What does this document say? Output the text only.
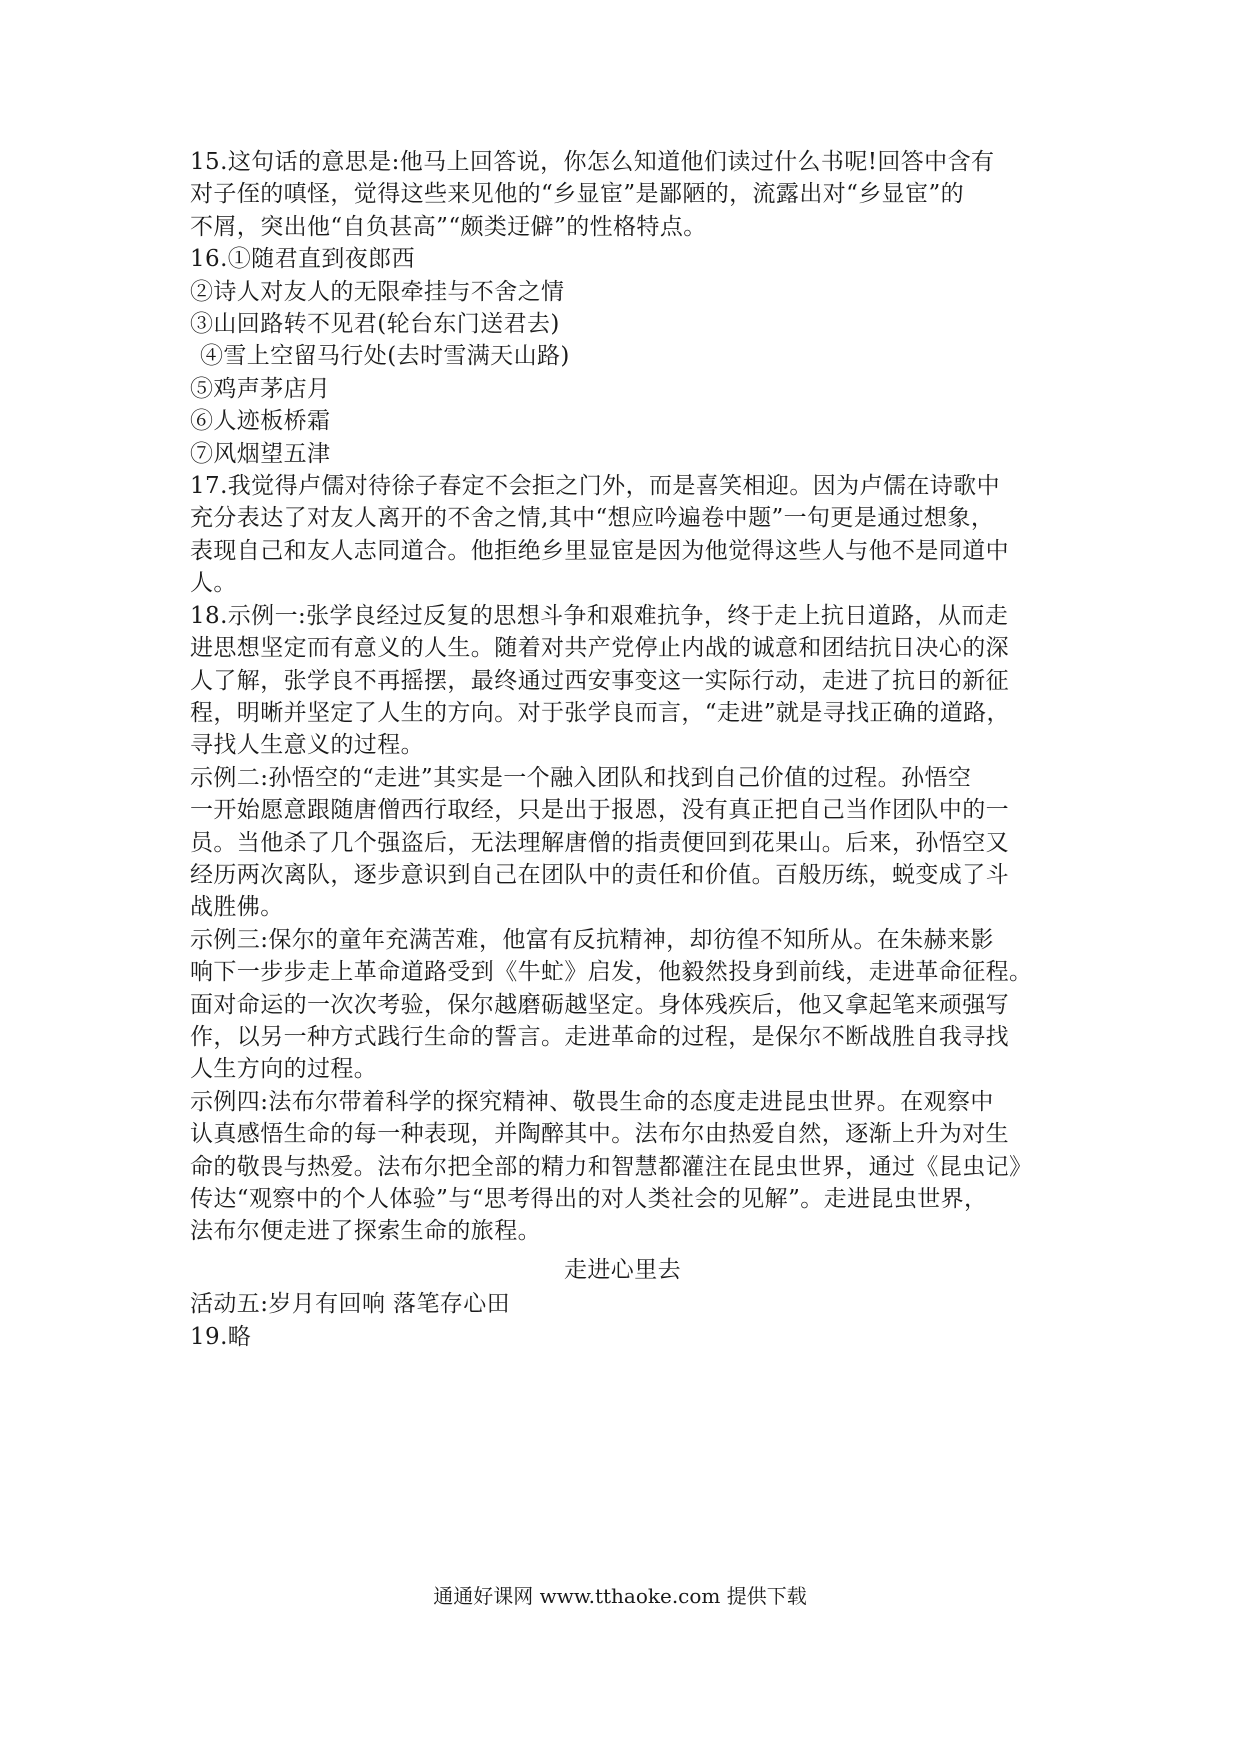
15.这句话的意思是:他马上回答说，你怎么知道他们读过什么书呢!回答中含有

对子侄的嗔怪，觉得这些来见他的“乡显宦”是鄙陋的，流露出对“乡显宦”的

不屑，突出他“自负甚高”“颇类迂僻”的性格特点。

16.①随君直到夜郎西

②诗人对友人的无限牵挂与不舍之情

③山回路转不见君(轮台东门送君去)

④雪上空留马行处(去时雪满天山路)

⑤鸡声茅店月

⑥人迹板桥霜

⑦风烟望五津

17.我觉得卢儒对待徐子春定不会拒之门外，而是喜笑相迎。因为卢儒在诗歌中

充分表达了对友人离开的不舍之情,其中“想应吟遍卷中题”一句更是通过想象，

表现自己和友人志同道合。他拒绝乡里显宦是因为他觉得这些人与他不是同道中

人。

18.示例一:张学良经过反复的思想斗争和艰难抗争，终于走上抗日道路，从而走

进思想坚定而有意义的人生。随着对共产党停止内战的诚意和团结抗日决心的深

人了解，张学良不再摇摆，最终通过西安事变这一实际行动，走进了抗日的新征

程，明晰并坚定了人生的方向。对于张学良而言，“走进”就是寻找正确的道路，

寻找人生意义的过程。

示例二:孙悟空的“走进”其实是一个融入团队和找到自己价值的过程。孙悟空

一开始愿意跟随唐僧西行取经，只是出于报恩，没有真正把自己当作团队中的一

员。当他杀了几个强盗后，无法理解唐僧的指责便回到花果山。后来，孙悟空又

经历两次离队，逐步意识到自己在团队中的责任和价值。百般历练，蜕变成了斗

战胜佛。

示例三:保尔的童年充满苦难，他富有反抗精神，却彷徨不知所从。在朱赫来影

响下一步步走上革命道路受到《牛虻》启发，他毅然投身到前线，走进革命征程。

面对命运的一次次考验，保尔越磨砺越坚定。身体残疾后，他又拿起笔来顽强写

作，以另一种方式践行生命的誓言。走进革命的过程，是保尔不断战胜自我寻找

人生方向的过程。

示例四:法布尔带着科学的探究精神、敬畏生命的态度走进昆虫世界。在观察中

认真感悟生命的每一种表现，并陶醉其中。法布尔由热爱自然，逐渐上升为对生

命的敬畏与热爱。法布尔把全部的精力和智慧都灌注在昆虫世界，通过《昆虫记》

传达“观察中的个人体验”与“思考得出的对人类社会的见解”。走进昆虫世界，

法布尔便走进了探索生命的旅程。

走进心里去

活动五:岁月有回响 落笔存心田

19.略

通通好课网 www.tthaoke.com 提供下载
